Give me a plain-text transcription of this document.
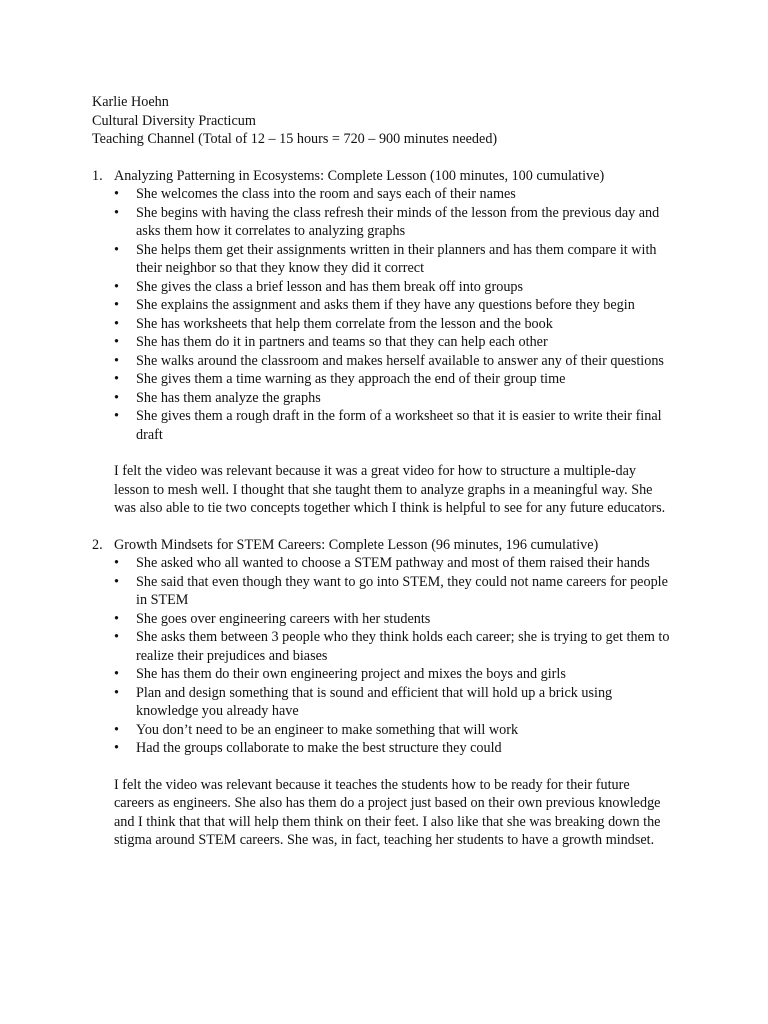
Karlie Hoehn

Cultural Diversity Practicum

Teaching Channel (Total of 12 – 15 hours = 720 – 900 minutes needed)

1. Analyzing Patterning in Ecosystems: Complete Lesson (100 minutes, 100 cumulative)

•	She welcomes the class into the room and says each of their names
•	She begins with having the class refresh their minds of the lesson from the previous day and asks them how it correlates to analyzing graphs
•	She helps them get their assignments written in their planners and has them compare it with their neighbor so that they know they did it correct
•	She gives the class a brief lesson and has them break off into groups
•	She explains the assignment and asks them if they have any questions before they begin
•	She has worksheets that help them correlate from the lesson and the book
•	She has them do it in partners and teams so that they can help each other
•	She walks around the classroom and makes herself available to answer any of their questions
•	She gives them a time warning as they approach the end of their group time
•	She has them analyze the graphs
•	She gives them a rough draft in the form of a worksheet so that it is easier to write their final draft

I felt the video was relevant because it was a great video for how to structure a multiple-day lesson to mesh well. I thought that she taught them to analyze graphs in a meaningful way. She was also able to tie two concepts together which I think is helpful to see for any future educators.

2. Growth Mindsets for STEM Careers: Complete Lesson (96 minutes, 196 cumulative)

•	She asked who all wanted to choose a STEM pathway and most of them raised their hands
•	She said that even though they want to go into STEM, they could not name careers for people in STEM
•	She goes over engineering careers with her students
•	She asks them between 3 people who they think holds each career; she is trying to get them to realize their prejudices and biases
•	She has them do their own engineering project and mixes the boys and girls
•	Plan and design something that is sound and efficient that will hold up a brick using knowledge you already have
•	You don’t need to be an engineer to make something that will work
•	Had the groups collaborate to make the best structure they could

I felt the video was relevant because it teaches the students how to be ready for their future careers as engineers. She also has them do a project just based on their own previous knowledge and I think that that will help them think on their feet. I also like that she was breaking down the stigma around STEM careers. She was, in fact, teaching her students to have a growth mindset.
